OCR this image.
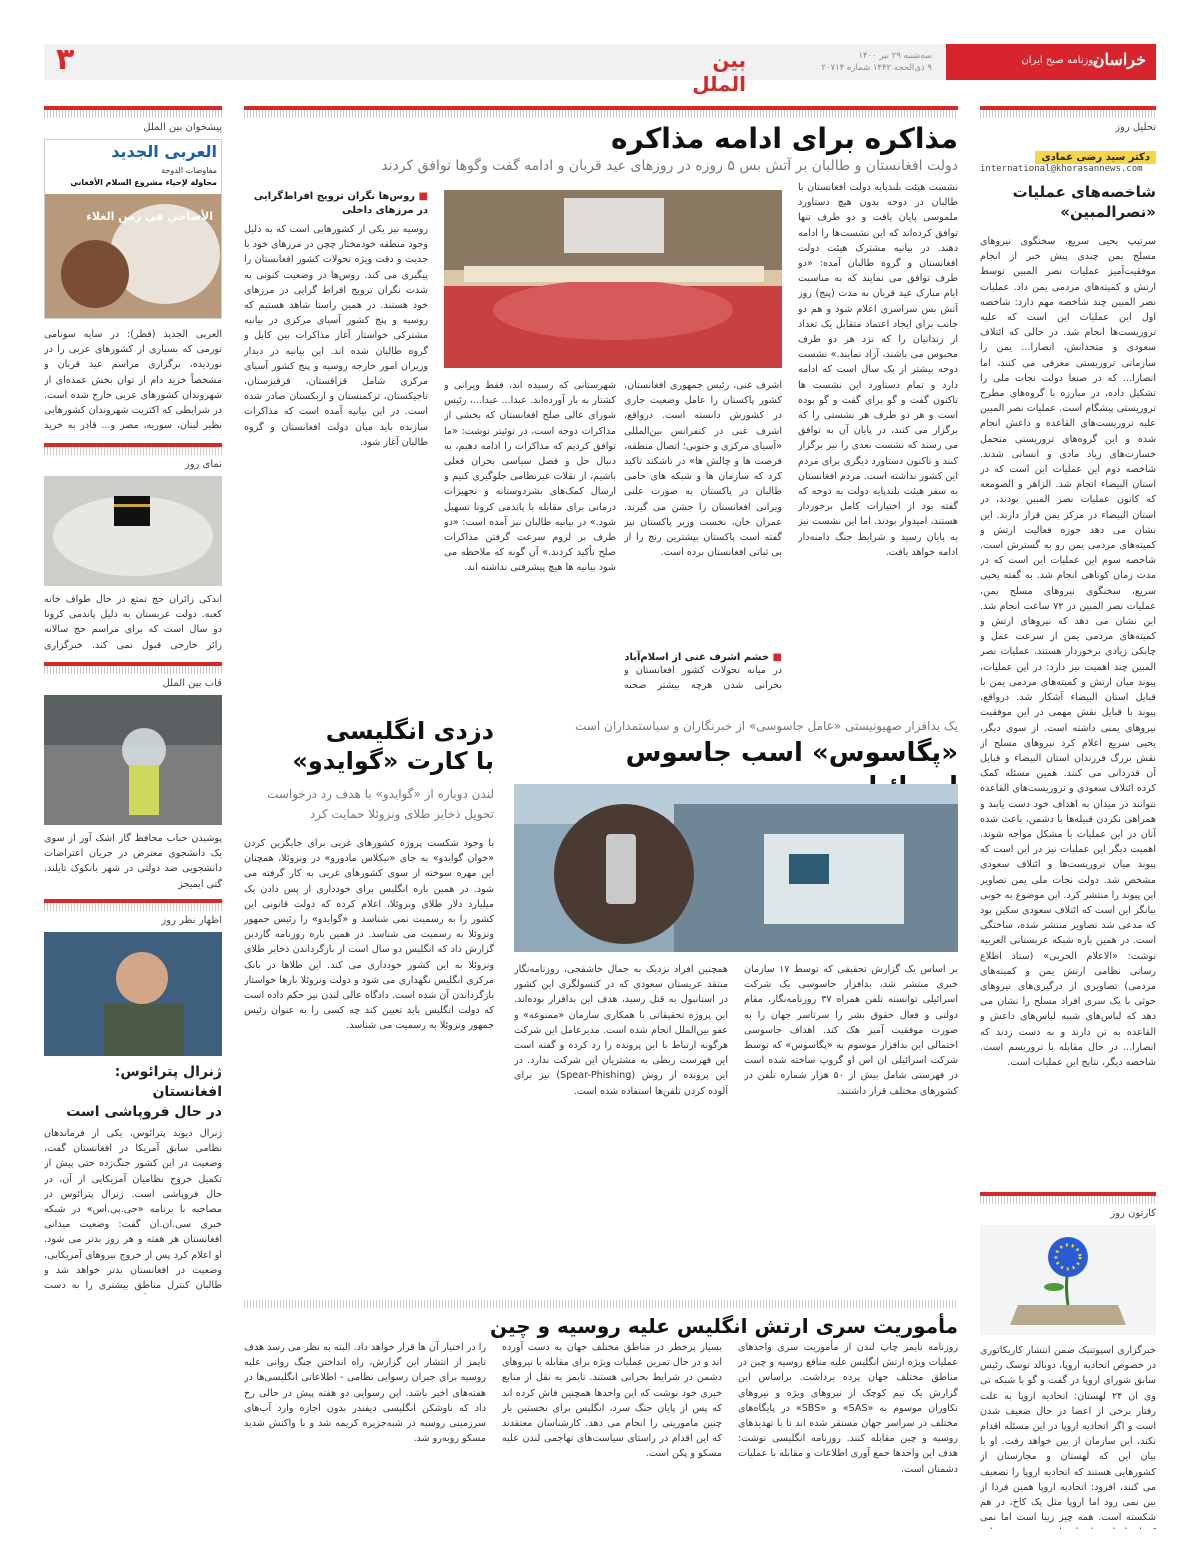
خراسان
روزنامه صبح ایران
سه‌شنبه ۲۹ تیر ۱۴۰۰
۹ ذی‌الحجه ۱۴۴۲ شماره ۲۰۷۱۴
بین الملل
۳
تحلیل روز
دکتر سید رضی عمادی
international@khorasannews.com
شاخصه‌های عملیات
«نصرالمبین»
سرتیپ یحیی سریع، سخنگوی نیروهای مسلح یمن چندی پیش خبر از انجام موفقیت‌آمیز عملیات نصر المبین توسط ارتش و کمیته‌های مردمی یمن داد. عملیات نصر المبین چند شاخصه مهم دارد: شاخصه اول این عملیات این است که علیه تروریست‌ها انجام شد. در حالی که ائتلاف سعودی و متحدانش، انصارا... یمن را سازمانی تروریستی معرفی می کنند، اما انصارا... که در صنعا دولت نجات ملی را تشکیل داده، در مبارزه با گروه‌های مطرح تروریستی پیشگام است. عملیات نصر المبین علیه تروریست‌های القاعده و داعش انجام شده و این گروه‌های تروریستی متحمل خسارت‌های زیاد مادی و انسانی شدند. شاخصه دوم این عملیات این است که در استان البیضاء انجام شد. الزاهر و الصومعه که کانون عملیات نصر المبین بودند، در استان البیضاء در مرکز یمن قرار دارند. این نشان می دهد حوزه فعالیت ارتش و کمیته‌های مردمی یمن رو به گسترش است. شاخصه سوم این عملیات این است که در مدت زمان کوتاهی انجام شد. به گفته یحیی سریع، سخنگوی نیروهای مسلح یمن، عملیات نصر المبین در ۷۲ ساعت انجام شد. این نشان می دهد که نیروهای ارتش و کمیته‌های مردمی یمن از سرعت عمل و چابکی زیادی برخوردار هستند. عملیات نصر المبین چند اهمیت نیز دارد: در این عملیات، پیوند میان ارتش و کمیته‌های مردمی یمن با قبایل استان البیضاء آشکار شد. درواقع، پیوند با قبایل نقش مهمی در این موفقیت نیروهای یمنی داشته است. از سوی دیگر، یحیی سریع اعلام کرد نیروهای مسلح از نقش بزرگ فرزندان استان البیضاء و قبایل آن قدردانی می کنند. همین مسئله کمک کرده ائتلاف سعودی و تروریست‌های القاعده نتوانند در میدان به اهداف خود دست یابند و همراهی نکردن قبیله‌ها با دشمن، باعث شده آنان در این عملیات با مشکل مواجه شوند. اهمیت دیگر این عملیات نیز در این است که پیوند میان تروریست‌ها و ائتلاف سعودی مشخص شد. دولت نجات ملی یمن تصاویر این پیوند را منتشر کرد. این موضوع به خوبی بیانگر این است که ائتلاف سعودی سکین بود که مدعی شد تصاویر منتشر شده، ساختگی است. در همین باره شبکه عربستانی العربیه نوشت: «الاعلام الحربی» (ستاد اطلاع رسانی نظامی ارتش یمن و کمیته‌های مردمی) تصاویری از درگیری‌های نیروهای حوثی با یک سری افراد مسلح را نشان می دهد که لباس‌های شبیه لباس‌های داعش و القاعده به تن دارند و به دست زدند که انصارا... در حال مقابله با تروریسم است. شاخصه دیگر، نتایج این عملیات است.
کارتون روز
خبرگزاری اسپوتنیک ضمن انتشار کاریکاتوری در خصوص اتحادیه اروپا، دونالد توسک رئیس سابق شورای اروپا در گفت و گو با شبکه تی وی ان ۲۴ لهستان: اتحادیه اروپا به علت رفتار برخی از اعضا در حال ضعیف شدن است و اگر اتحادیه اروپا در این مسئله اقدام نکند، این سازمان از بین خواهد رفت. او با بیان این که لهستان و مجارستان از کشورهایی هستند که اتحادیه اروپا را تضعیف می کنند، افزود: اتحادیه اروپا همین فردا از بین نمی رود اما اروپا مثل یک کاخ، در هم شکسته است. همه چیز زیبا است اما نمی
مذاکره برای ادامه مذاکره
دولت افغانستان و طالبان بر آتش بس ۵ روزه در روزهای عید قربان و ادامه گفت وگوها توافق کردند
نشست هیئت بلندپایه دولت افغانستان با طالبان در دوحه بدون هیچ دستاورد ملموسی پایان یافت و دو طرف تنها توافق کرده‌اند که این نشست‌ها را ادامه دهند. در بیانیه مشترک هیئت دولت افغانستان و گروه طالبان آمده: «دو طرف توافق می‌ نمایند که به مناسبت ایام مبارک عید قربان به مدت (پنج) روز آتش بس سراسری اعلام شود و هم دو جانب برای ایجاد اعتماد متقابل یک تعداد از زندانیان را که نزد هر دو طرف محبوس می باشند، آزاد نمایند.» نشست دوحه بیشتر از یک سال است که ادامه دارد و تمام دستاورد این نشست ها تاکنون گفت و گو برای گفت و گو بوده است و هر دو طرف هر نشستی را که برگزار می کنند، در پایان آن به توافق می رسند که نشست بعدی را نیز برگزار کنند و تاکنون دستاورد دیگری برای مردم این کشور نداشته است. مردم افغانستان به سفر هیئت بلندپایه دولت به دوحه که گفته بود از اختیارات کامل برخوردار هستند، امیدوار بودند. اما این نشست نیز به پایان رسید و شرایط جنگ دامنه‌دار ادامه خواهد یافت.
شهرستانی که رسیده اند، فقط ویرانی و کشتار به بار آورده‌اند. عبدا... عبدا...، رئیس شورای عالی صلح افغانستان که بخشی از مذاکرات دوحه است، در توئیتر نوشت: «ما توافق کردیم که مذاکرات را ادامه دهیم، به دنبال حل و فصل سیاسی بحران فعلی باشیم، از نقلات غیرنظامی جلوگیری کنیم و ارسال کمک‌های بشردوستانه و تجهیزات درمانی برای مقابله با پاندمی کرونا تسهیل شود.» در بیانیه طالبان نیز آمده است: «دو طرف بر لزوم سرعت گرفتن مذاکرات صلح تأکید کردند.» آن گونه که ملاحظه می شود بیانیه ها هیچ پیشرفتی نداشته اند.
اشرف غنی، رئیس جمهوری افغانستان، کشور پاکستان را عامل وضعیت جاری در کشورش دانسته است. درواقع، اشرف غنی در کنفرانس بین‌المللی «آسیای مرکزی و جنوبی؛ اتصال منطقه، فرصت ها و چالش ها» در تاشکند تاکید کرد که سازمان ها و شبکه های حامی طالبان در پاکستان به صورت علنی ویرانی افغانستان را جشن می گیرند. عمران خان، نخست وزیر پاکستان نیز گفته است پاکستان بیشترین رنج را از بی ثباتی افغانستان برده است.
■ خشم اشرف غنی از اسلام‌آباد
در میانه تحولات کشور افغانستان و بحرانی شدن هرچه بیشتر صحنه
■ روس‌ها نگران ترویج افراط‌گرایی در مرزهای داخلی
روسیه نیز یکی از کشورهایی است که به دلیل وجود منطقه خودمختار چچن در مرزهای خود با جدیت و دقت ویژه تحولات کشور افغانستان را پیگیری می کند. روس‌ها در وضعیت کنونی به شدت نگران ترویج افراط گرایی در مرزهای خود هستند. در همین راستا شاهد هستیم که روسیه و پنج کشور آسیای مرکزی در بیانیه مشترکی خواستار آغاز مذاکرات بین کابل و گروه طالبان شده اند. این بیانیه در دیدار وزیران امور خارجه روسیه و پنج کشور آسیای مرکزی شامل قزاقستان، قرقیزستان، تاجیکستان، ترکمنستان و ازبکستان صادر شده است. در این بیانیه آمده است که مذاکرات سازنده باید میان دولت افغانستان و گروه طالبان آغاز شود.
یک بدافزار صهیونیستی «عامل جاسوسی» از خبرنگاران و سیاستمداران است
«پگاسوس» اسب جاسوس
بر اساس یک گزارش تحقیقی که توسط ۱۷ سازمان خبری منتشر شد، بدافزار جاسوسی یک شرکت اسرائیلی توانسته تلفن همراه ۳۷ روزنامه‌نگار، مقام دولتی و فعال حقوق بشر را سرتاسر جهان را به صورت موفقیت آمیز هک کند. اهداف جاسوسی احتمالی این بدافزار موسوم به «پگاسوس» که توسط شرکت اسرائیلی ان اس او گروپ ساخته شده است در فهرستی شامل بیش از ۵۰ هزار شماره تلفن در کشورهای مختلف قرار داشتند.
همچنین افراد نزدیک به جمال خاشقجی، روزنامه‌نگار منتقد عربستان سعودی که در کنسولگری این کشور در استانبول به قتل رسید، هدف این بدافزار بوده‌اند. این پروژه تحقیقاتی با همکاری سازمان «ممنوعه» و عفو بین‌الملل انجام شده است. مدیرعامل این شرکت هرگونه ارتباط با این پرونده را رد کرده و گفته است این فهرست ربطی به مشتریان این شرکت ندارد. در این پرونده از روش (Spear-Phishing) نیز برای آلوده کردن تلفن‌ها استفاده شده است.
دزدی انگلیسی
با کارت «گوایدو»
لندن دوباره از «گوایدو» با هدف رد درخواست تحویل ذخایر طلای ونزوئلا حمایت کرد
با وجود شکست پروژه کشورهای غربی برای جایگزین کردن «خوان گوایدو» به جای «نیکلاس مادورو» در ونزوئلا، همچنان این مهره سوخته از سوی کشورهای غربی به کار گرفته می شود. در همین باره انگلیس برای خودداری از پس دادن یک میلیارد دلار طلای ونزوئلا، اعلام کرده که دولت قانونی این کشور را به رسمیت نمی شناسد و «گوایدو» را رئیس جمهور ونزوئلا به رسمیت می شناسد. در همین باره روزنامه گاردین گزارش داد که انگلیس دو سال است از بازگرداندن ذخایر طلای ونزوئلا به این کشور خودداری می کند. این طلاها در بانک مرکزی انگلیس نگهداری می شود و دولت ونزوئلا بارها خواستار بازگرداندن آن شده است. دادگاه عالی لندن نیز حکم داده است که دولت انگلیس باید تعیین کند چه کسی را به عنوان رئیس جمهور ونزوئلا به رسمیت می شناسد.
مأموریت سری ارتش انگلیس علیه روسیه و چین
روزنامه تایمز چاپ لندن از مأموریت سری واحدهای عملیات ویژه ارتش انگلیس علیه منافع روسیه و چین در مناطق مختلف جهان پرده برداشت. براساس این گزارش یک تیم کوچک از نیروهای ویژه و نیروهای تکاوران موسوم به «SAS» و «SBS» در پایگاه‌های مختلف در سراسر جهان مستقر شده اند تا با تهدیدهای روسیه و چین مقابله کنند. روزنامه انگلیسی نوشت: هدف این واحدها جمع آوری اطلاعات و مقابله با عملیات دشمنان است.
بسیار پرخطر در مناطق مختلف جهان به دست آورده اند و در حال تمرین عملیات ویژه برای مقابله با نیروهای دشمن در شرایط بحرانی هستند. تایمز به نقل از منابع خبری خود نوشت که این واحدها همچنین فاش کرده اند که پس از پایان جنگ سرد، انگلیس برای نخستین بار چنین ماموریتی را انجام می دهد. کارشناسان معتقدند که این اقدام در راستای سیاست‌های تهاجمی لندن علیه مسکو و پکن است.
را در اختیار آن ها قرار خواهد داد. البته به نظر می رسد هدف تایمز از انتشار این گزارش، راه انداختن جنگ روانی علیه روسیه برای جبران رسوایی نظامی - اطلاعاتی انگلیسی‌ها در هفته‌های اخیر باشد. این رسوایی دو هفته پیش در حالی رخ داد که ناوشکن انگلیسی دیفندر بدون اجازه وارد آب‌های سرزمینی روسیه در شبه‌جزیره کریمه شد و با واکنش شدید مسکو روبه‌رو شد.
پیشخوان بین الملل
العربی الجدید
مفاوضات الدوحة
محاولة لإحياء مشروع السلام الأفغاني
الأضاحي في زمن الغلاء
العربی الجدید (قطر): در سایه سونامی تورمی که بسیاری از کشورهای عربی را در نوردیده، برگزاری مراسم عید قربان و مشخصاً خرید دام از توان بخش عمده‌ای از شهروندان کشورهای عربی خارج شده است. در شرایطی که اکثریت شهروندان کشورهایی نظیر لبنان، سوریه، مصر و... قادر به خرید
نمای روز
اندکی زائران حج تمتع در حال طواف خانه کعبه. دولت عربستان به دلیل پاندمی کرونا دو سال است که برای مراسم حج سالانه زائر خارجی قبول نمی کند. خبرگزاری
قاب بین الملل
پوشیدن حباب محافظ گاز اشک آور از سوی یک دانشجوی معترض در جریان اعتراضات دانشجویی ضد دولتی در شهر بانکوک تایلند. گتی ایمیجز
اظهار نظر روز
ژنرال پترائوس: افغانستان
در حال فروپاشی است
ژنرال دیوید پترائوس، یکی از فرماندهان نظامی سابق آمریکا در افغانستان گفت، وضعیت در این کشور جنگ‌زده حتی پیش از تکمیل خروج نظامیان آمریکایی از آن، در حال فروپاشی است. ژنرال پترائوس در مصاحبه با برنامه «جی.پی.اس» در شبکه خبری سی.ان.ان گفت: وضعیت میدانی افغانستان هر هفته و هر روز بدتر می شود. او اعلام کرد پس از خروج نیروهای آمریکایی، وضعیت در افغانستان بدتر خواهد شد و طالبان کنترل مناطق بیشتری را به دست
